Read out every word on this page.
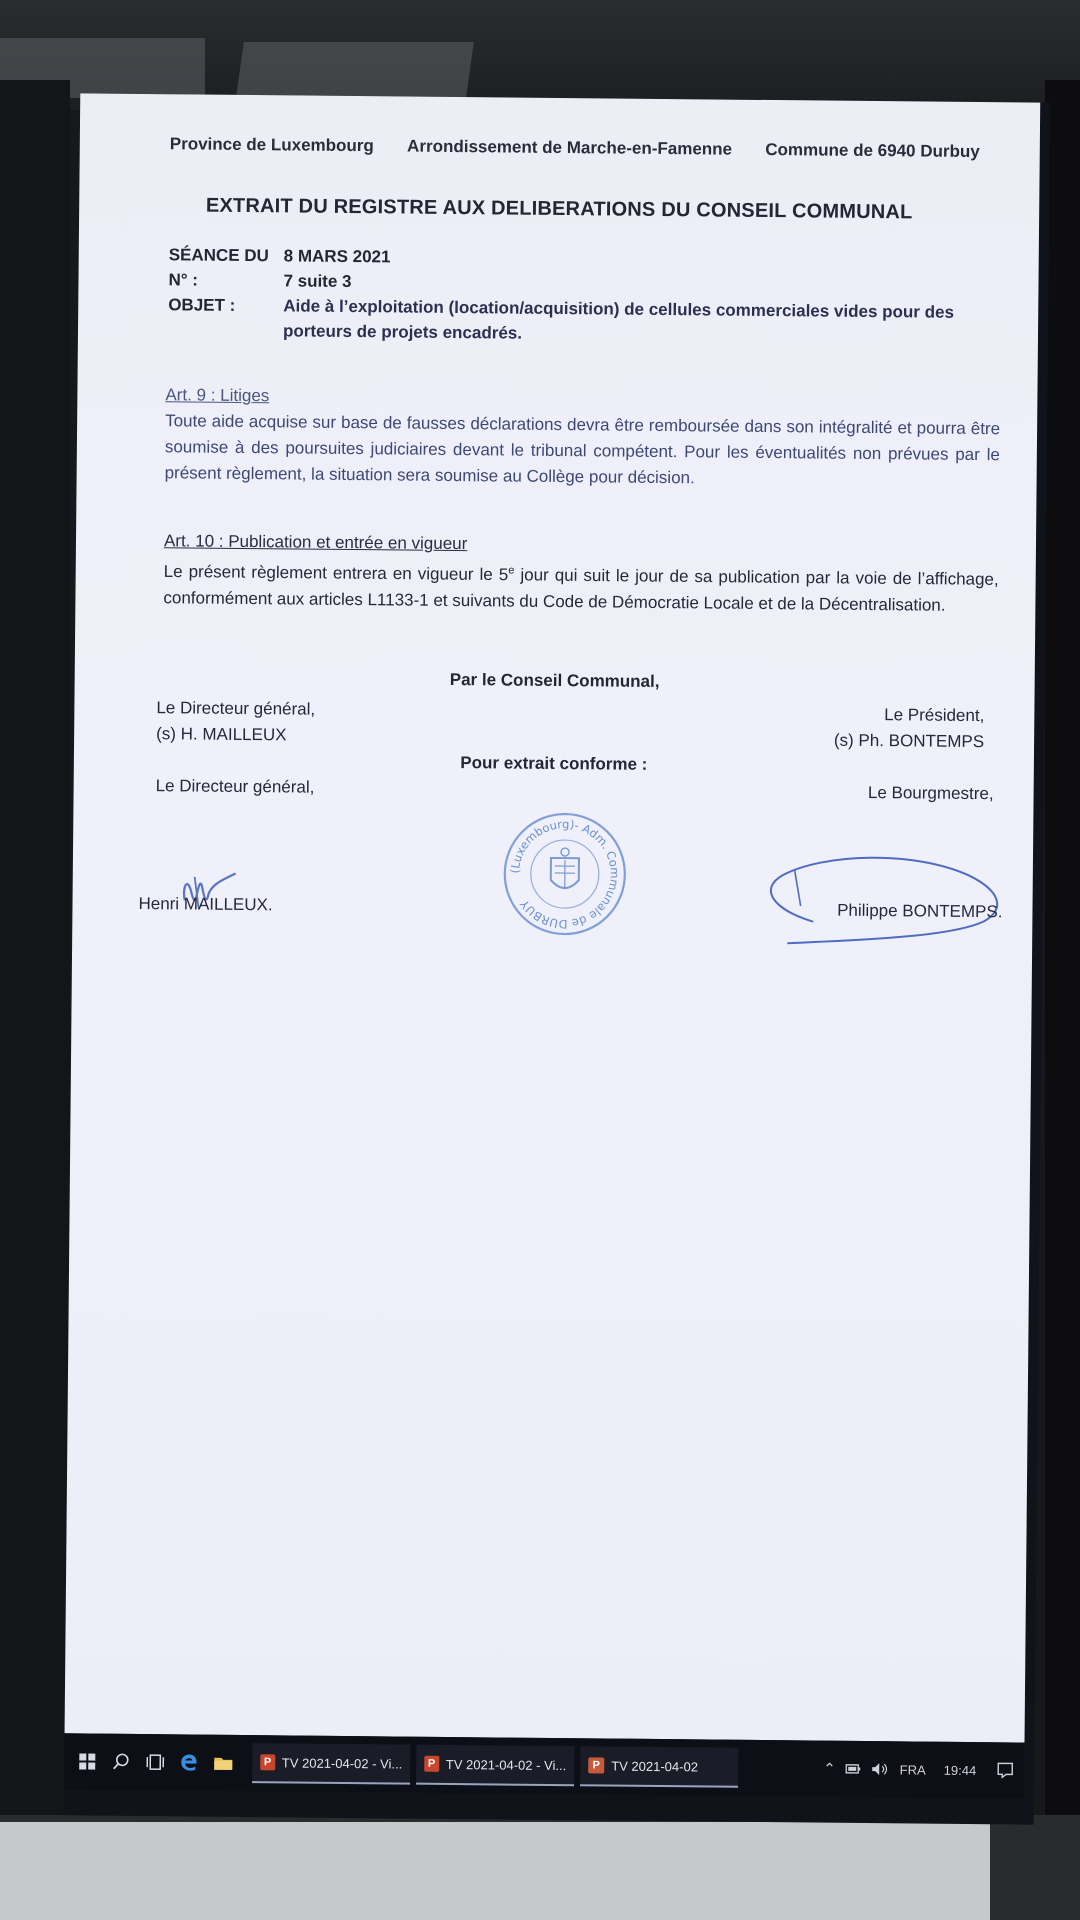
Province de Luxembourg Arrondissement de Marche-en-Famenne Commune de 6940 Durbuy
EXTRAIT DU REGISTRE AUX DELIBERATIONS DU CONSEIL COMMUNAL
SÉANCE DU 8 MARS 2021
N° :	7 suite 3
OBJET :	Aide à l’exploitation (location/acquisition) de cellules commerciales vides pour des porteurs de projets encadrés.
Art. 9 : Litiges
Toute aide acquise sur base de fausses déclarations devra être remboursée dans son intégralité et pourra être soumise à des poursuites judiciaires devant le tribunal compétent. Pour les éventualités non prévues par le présent règlement, la situation sera soumise au Collège pour décision.
Art. 10 : Publication et entrée en vigueur
Le présent règlement entrera en vigueur le 5e jour qui suit le jour de sa publication par la voie de l’affichage, conformément aux articles L1133-1 et suivants du Code de Démocratie Locale et de la Décentralisation.
Par le Conseil Communal,
Le Directeur général,
(s) H. MAILLEUX
Le Président,
(s) Ph. BONTEMPS
Pour extrait conforme :
Le Directeur général,	Le Bourgmestre,
(Luxembourg)- Adm. Communale de DURBUY
Henri MAILLEUX.	Philippe BONTEMPS.
P TV 2021-04-02 - Vi...	P TV 2021-04-02 - Vi...	P TV 2021-04-02	⌃	FRA 19:44
